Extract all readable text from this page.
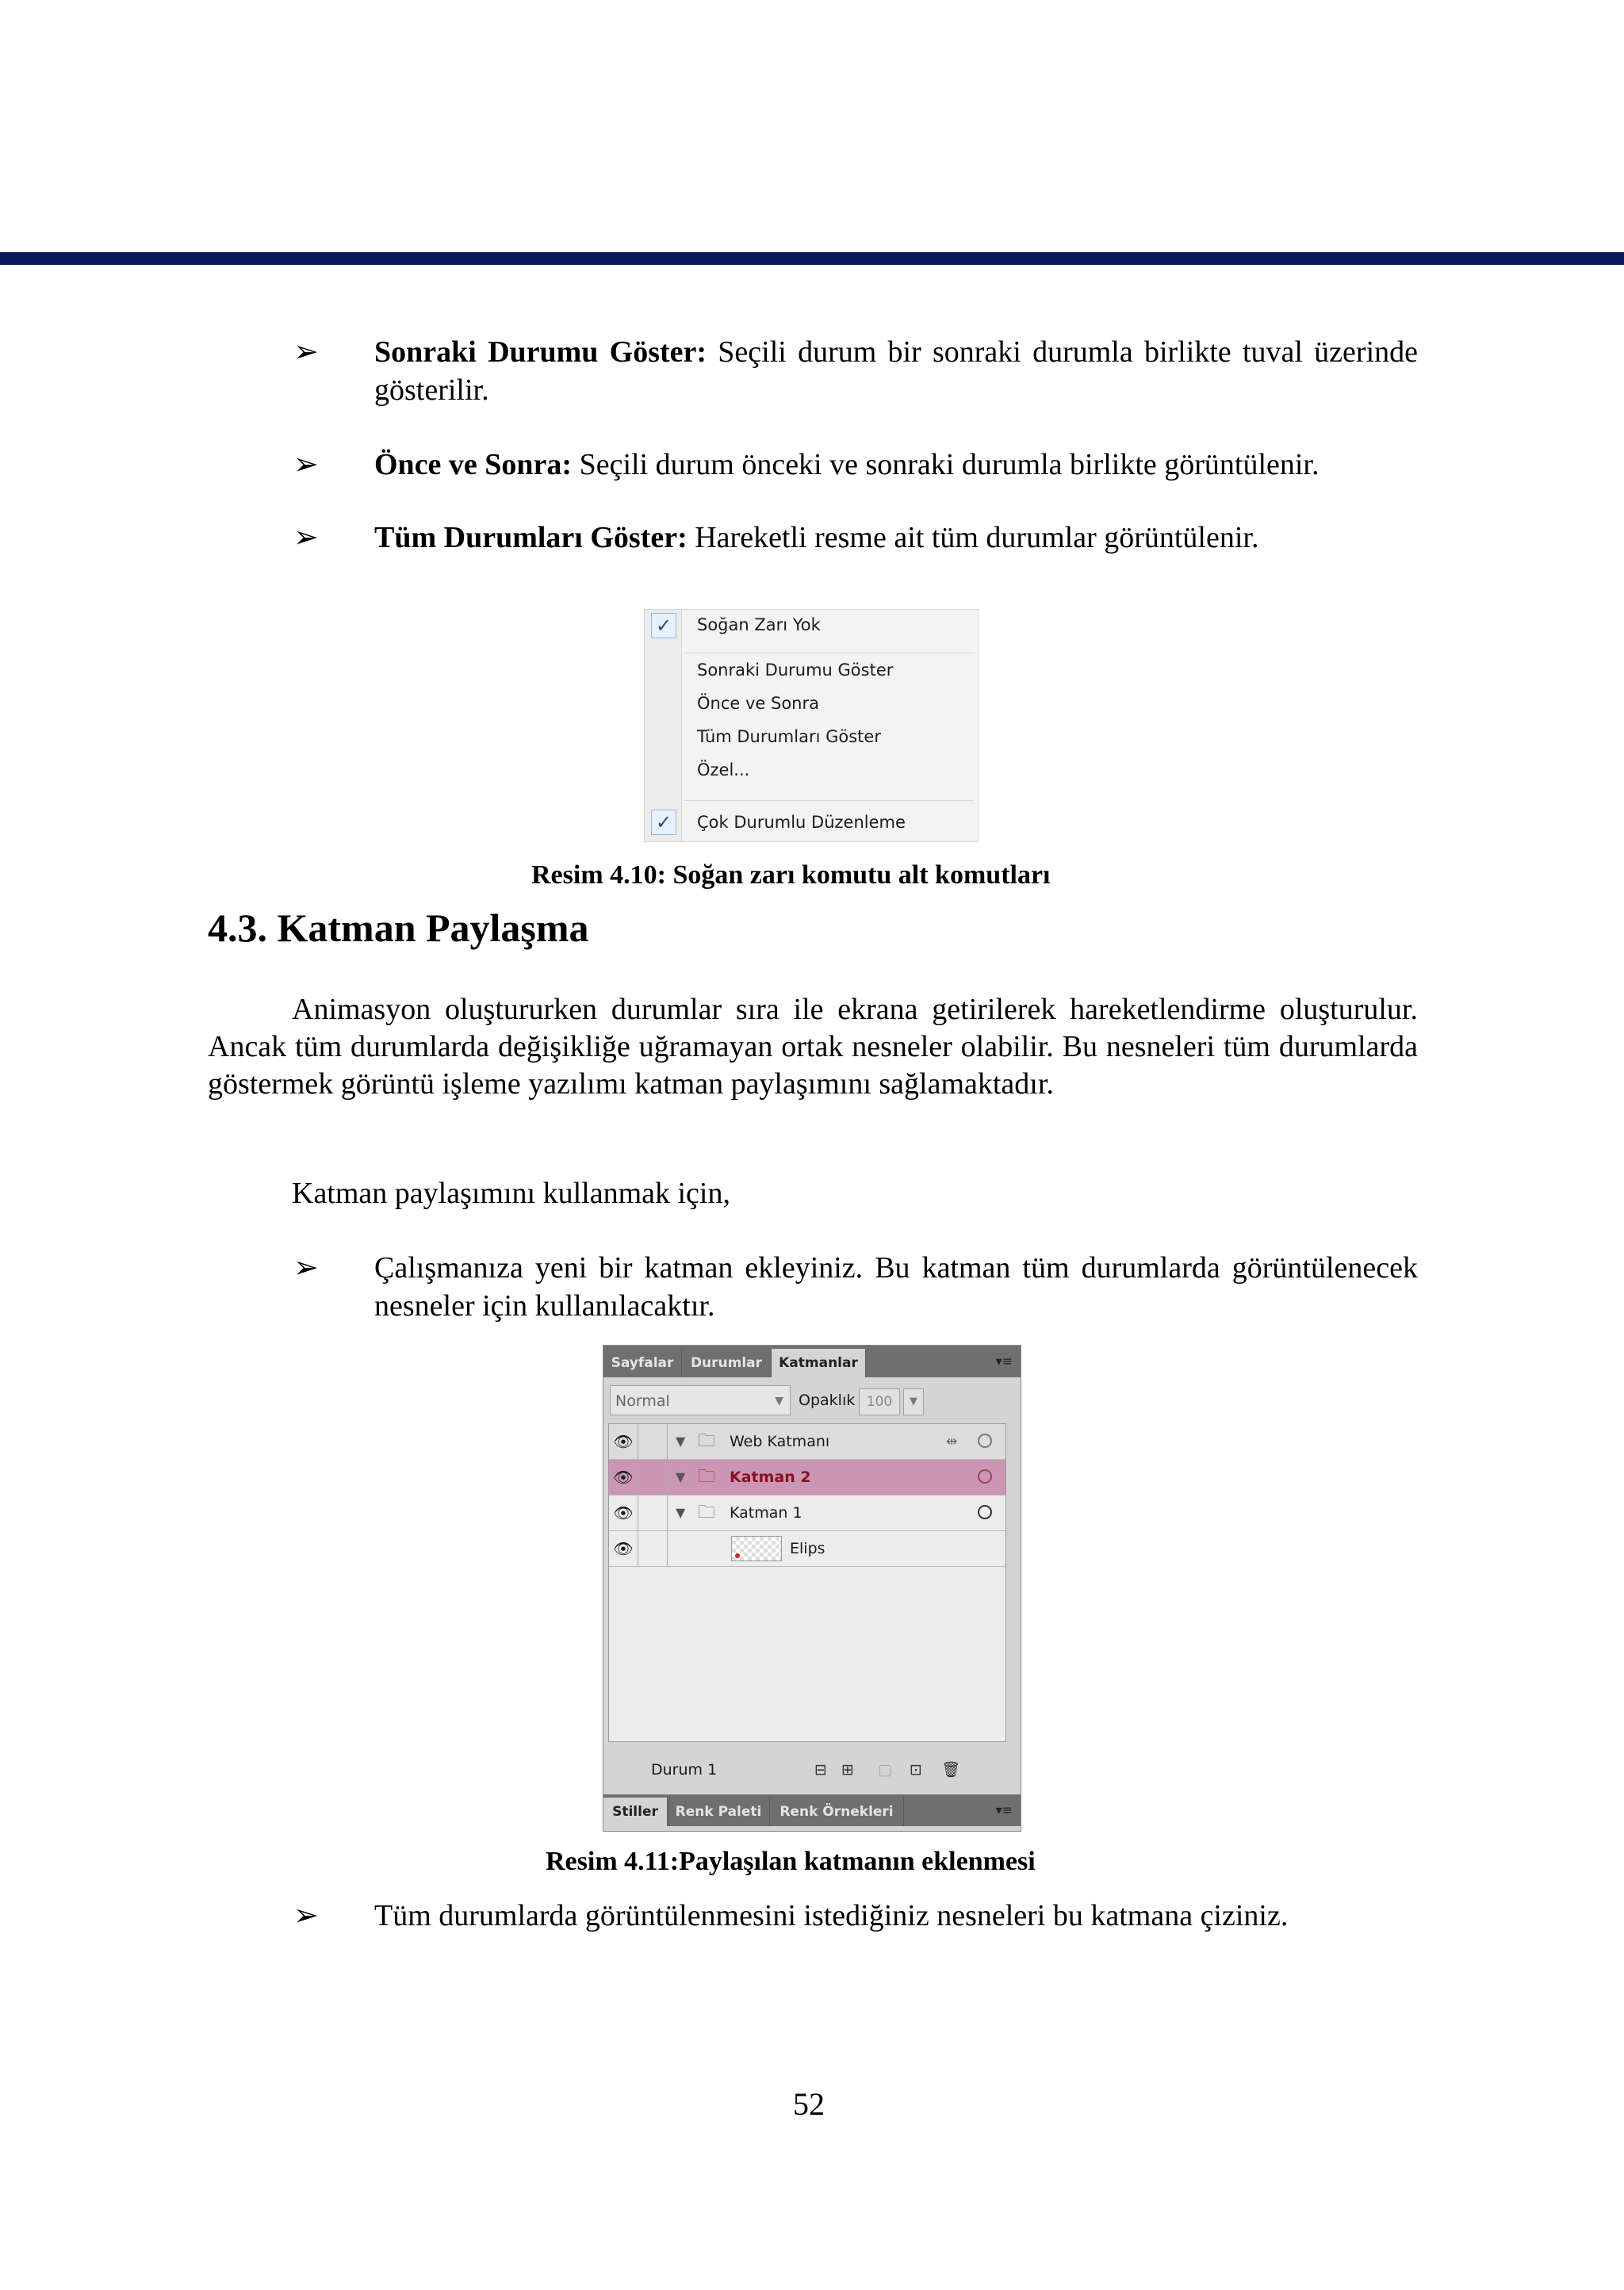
➢ Sonraki Durumu Göster: Seçili durum bir sonraki durumla birlikte tuval üzerinde gösterilir.
➢ Önce ve Sonra: Seçili durum önceki ve sonraki durumla birlikte görüntülenir.
➢ Tüm Durumları Göster: Hareketli resme ait tüm durumlar görüntülenir.
✓ Soğan Zarı Yok
Sonraki Durumu Göster
Önce ve Sonra
Tüm Durumları Göster
Özel...
✓ Çok Durumlu Düzenleme
Resim 4.10: Soğan zarı komutu alt komutları
4.3. Katman Paylaşma
Animasyon oluştururken durumlar sıra ile ekrana getirilerek hareketlendirme oluşturulur. Ancak tüm durumlarda değişikliğe uğramayan ortak nesneler olabilir. Bu nesneleri tüm durumlarda göstermek görüntü işleme yazılımı katman paylaşımını sağlamaktadır.
Katman paylaşımını kullanmak için,
➢ Çalışmanıza yeni bir katman ekleyiniz. Bu katman tüm durumlarda görüntülenecek nesneler için kullanılacaktır.
Sayfalar	Durumlar	Katmanlar	▾≡
Normal	▼ Opaklık 100	▼
👁	▼ 🗀 Web Katmanı	⇹
👁	▼ 🗀 Katman 2
👁	▼ 🗀 Katman 1
👁	Elips
Durum 1	⊟ ⊞ ▢ ⊡ 🗑
Stiller	Renk Paleti	Renk Örnekleri	▾≡
Resim 4.11:Paylaşılan katmanın eklenmesi
➢ Tüm durumlarda görüntülenmesini istediğiniz nesneleri bu katmana çiziniz.
52
